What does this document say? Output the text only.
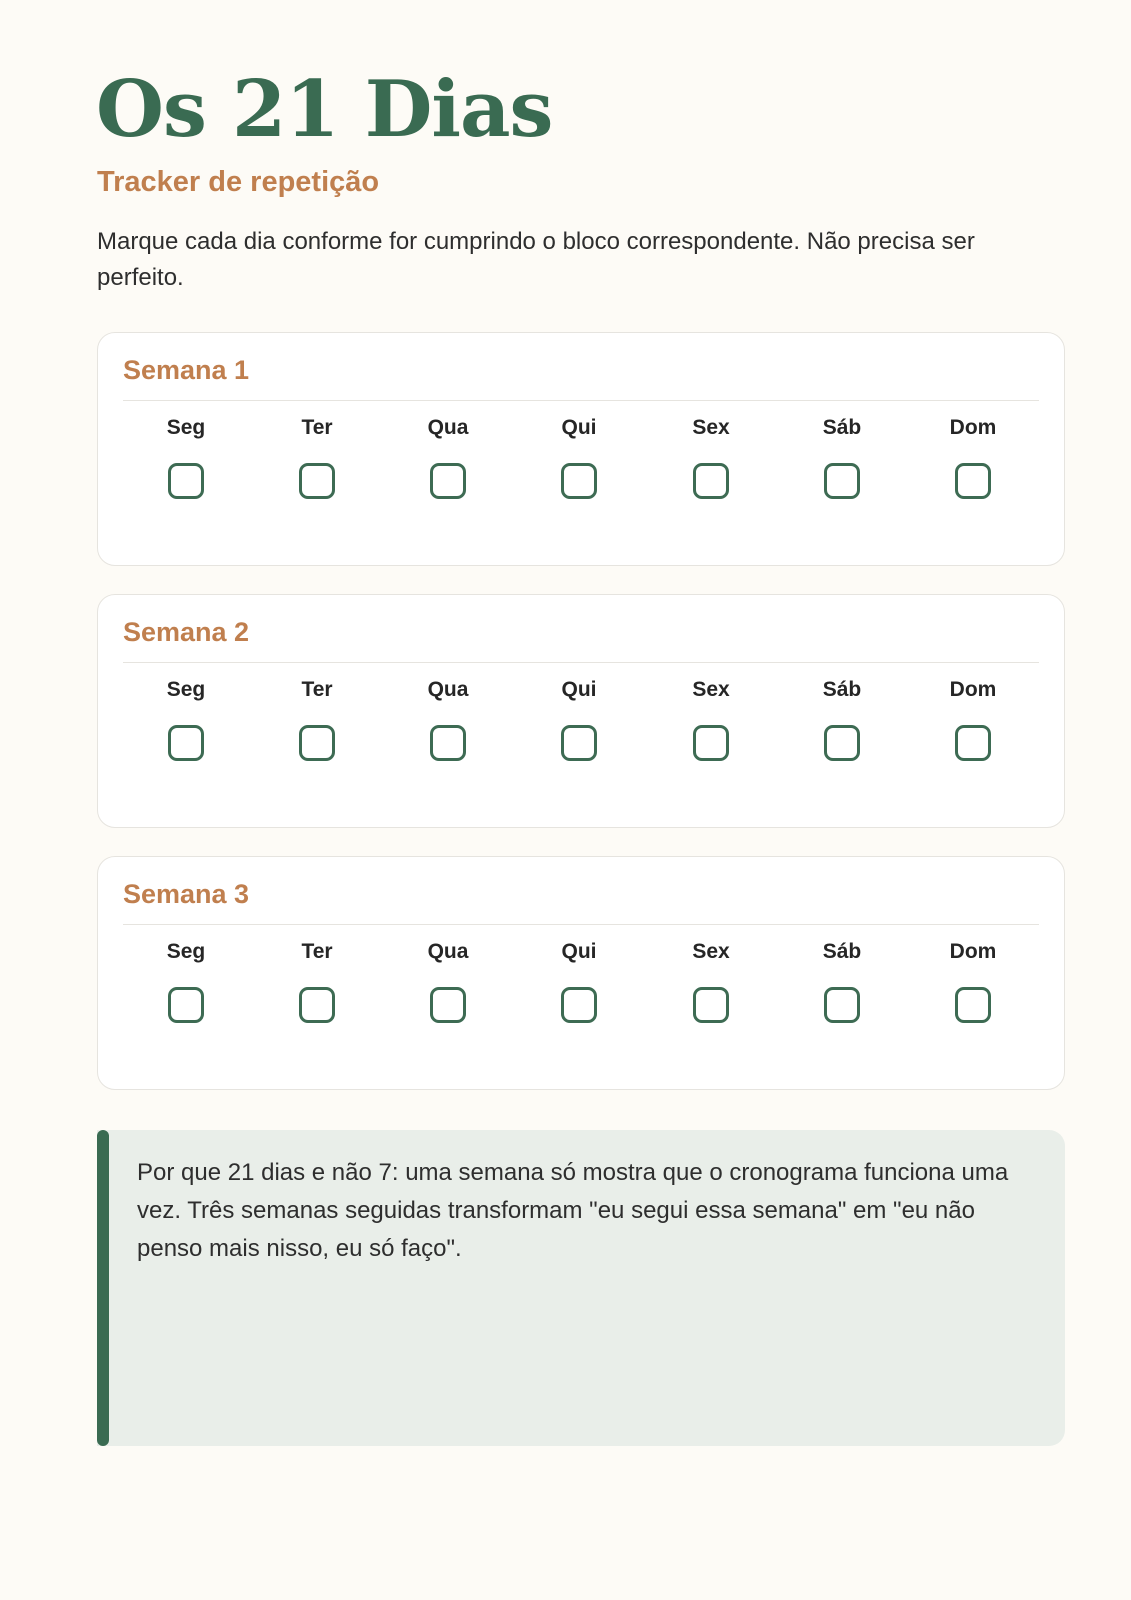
Os 21 Dias
Tracker de repetição

Marque cada dia conforme for cumprindo o bloco correspondente. Não precisa ser perfeito.

Semana 1
Seg	Ter	Qua	Qui	Sex	Sáb	Dom
Semana 2
Seg	Ter	Qua	Qui	Sex	Sáb	Dom
Semana 3
Seg	Ter	Qua	Qui	Sex	Sáb	Dom

Por que 21 dias e não 7: uma semana só mostra que o cronograma funciona uma vez. Três semanas seguidas transformam "eu segui essa semana" em "eu não penso mais nisso, eu só faço".
